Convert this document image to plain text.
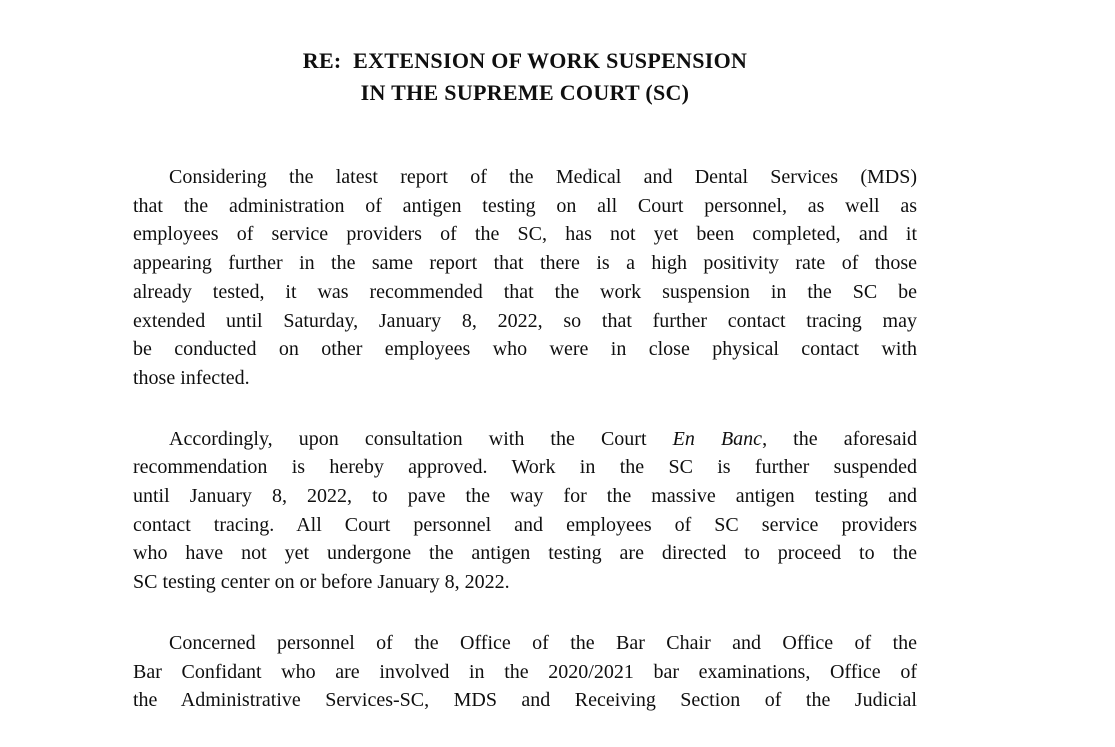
RE:  EXTENSION OF WORK SUSPENSION
IN THE SUPREME COURT (SC)
Considering the latest report of the Medical and Dental Services (MDS)
that the administration of antigen testing on all Court personnel, as well as
employees of service providers of the SC, has not yet been completed, and it
appearing further in the same report that there is a high positivity rate of those
already tested, it was recommended that the work suspension in the SC be
extended until Saturday, January 8, 2022, so that further contact tracing may
be conducted on other employees who were in close physical contact with
those infected.
Accordingly, upon consultation with the Court En Banc, the aforesaid
recommendation is hereby approved. Work in the SC is further suspended
until January 8, 2022, to pave the way for the massive antigen testing and
contact tracing. All Court personnel and employees of SC service providers
who have not yet undergone the antigen testing are directed to proceed to the
SC testing center on or before January 8, 2022.
Concerned personnel of the Office of the Bar Chair and Office of the
Bar Confidant who are involved in the 2020/2021 bar examinations, Office of
the Administrative Services-SC, MDS and Receiving Section of the Judicial
